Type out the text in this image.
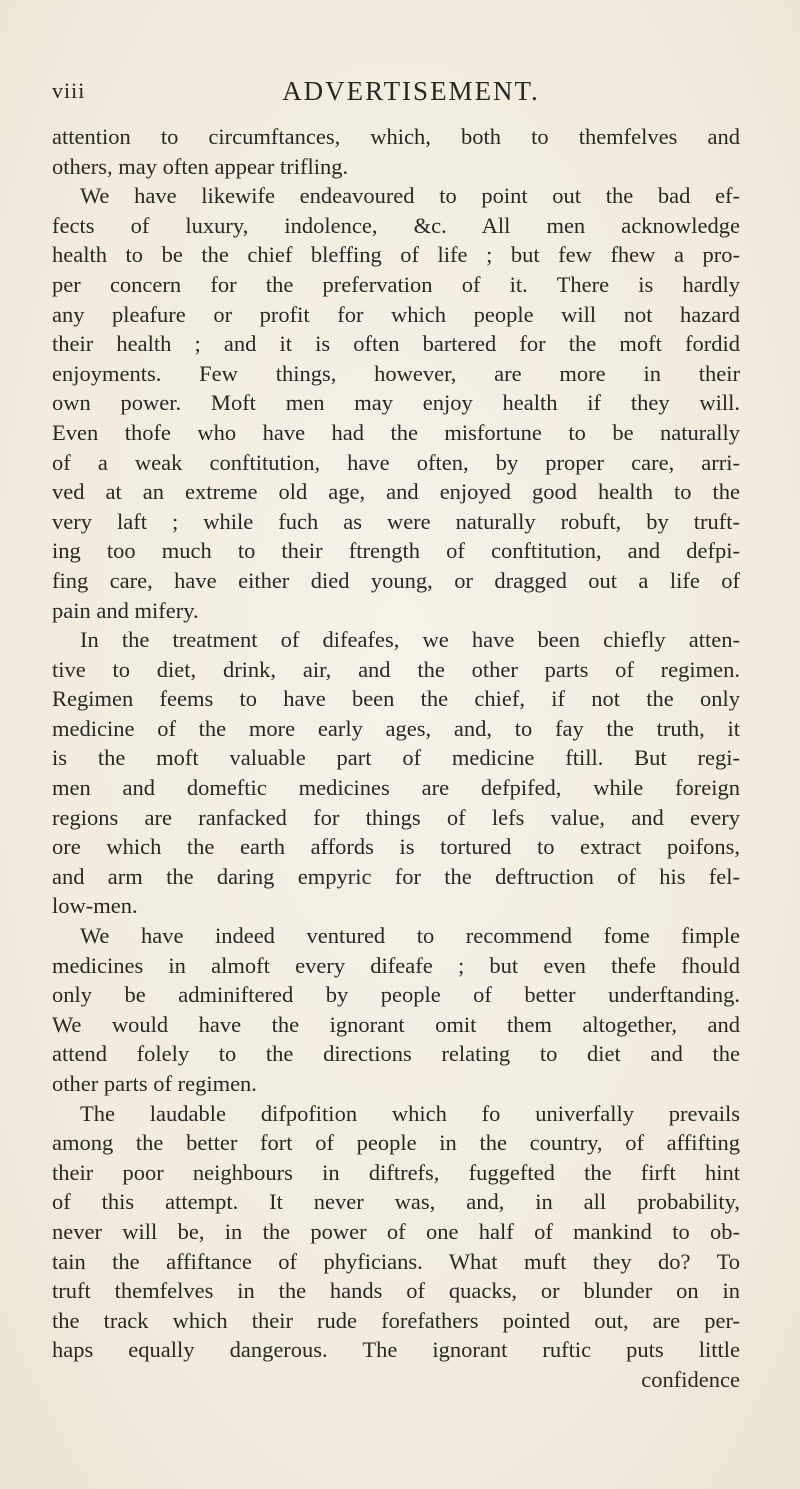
viii	ADVERTISEMENT.
attention to circumftances, which, both to themfelves and
others, may often appear trifling.
We have likewife endeavoured to point out the bad ef-
fects of luxury, indolence, &c. All men acknowledge
health to be the chief bleffing of life ; but few fhew a pro-
per concern for the prefervation of it. There is hardly
any pleafure or profit for which people will not hazard
their health ; and it is often bartered for the moft fordid
enjoyments. Few things, however, are more in their
own power. Moft men may enjoy health if they will.
Even thofe who have had the misfortune to be naturally
of a weak conftitution, have often, by proper care, arri-
ved at an extreme old age, and enjoyed good health to the
very laft ; while fuch as were naturally robuft, by truft-
ing too much to their ftrength of conftitution, and defpi-
fing care, have either died young, or dragged out a life of
pain and mifery.
In the treatment of difeafes, we have been chiefly atten-
tive to diet, drink, air, and the other parts of regimen.
Regimen feems to have been the chief, if not the only
medicine of the more early ages, and, to fay the truth, it
is the moft valuable part of medicine ftill. But regi-
men and domeftic medicines are defpifed, while foreign
regions are ranfacked for things of lefs value, and every
ore which the earth affords is tortured to extract poifons,
and arm the daring empyric for the deftruction of his fel-
low-men.
We have indeed ventured to recommend fome fimple
medicines in almoft every difeafe ; but even thefe fhould
only be adminiftered by people of better underftanding.
We would have the ignorant omit them altogether, and
attend folely to the directions relating to diet and the
other parts of regimen.
The laudable difpofition which fo univerfally prevails
among the better fort of people in the country, of affifting
their poor neighbours in diftrefs, fuggefted the firft hint
of this attempt. It never was, and, in all probability,
never will be, in the power of one half of mankind to ob-
tain the affiftance of phyficians. What muft they do? To
truft themfelves in the hands of quacks, or blunder on in
the track which their rude forefathers pointed out, are per-
haps equally dangerous. The ignorant ruftic puts little
confidence
